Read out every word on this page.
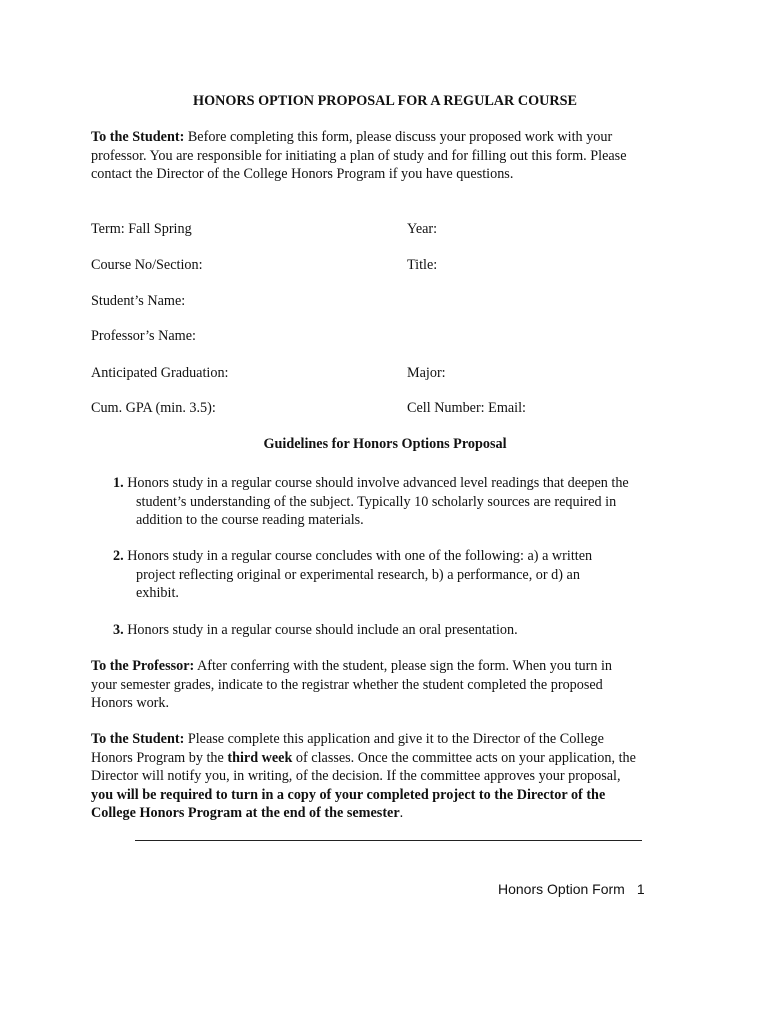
HONORS OPTION PROPOSAL FOR A REGULAR COURSE
To the Student: Before completing this form, please discuss your proposed work with your
professor. You are responsible for initiating a plan of study and for filling out this form. Please
contact the Director of the College Honors Program if you have questions.
Term: Fall Spring	Year:
Course No/Section:	Title:
Student’s Name:
Professor’s Name:
Anticipated Graduation:	Major:
Cum. GPA (min. 3.5):	Cell Number: Email:
Guidelines for Honors Options Proposal
1. Honors study in a regular course should involve advanced level readings that deepen the
student’s understanding of the subject. Typically 10 scholarly sources are required in
addition to the course reading materials.
2. Honors study in a regular course concludes with one of the following: a) a written
project reflecting original or experimental research, b) a performance, or d) an
exhibit.
3. Honors study in a regular course should include an oral presentation.
To the Professor: After conferring with the student, please sign the form. When you turn in
your semester grades, indicate to the registrar whether the student completed the proposed
Honors work.
To the Student: Please complete this application and give it to the Director of the College
Honors Program by the third week of classes. Once the committee acts on your application, the
Director will notify you, in writing, of the decision. If the committee approves your proposal,
you will be required to turn in a copy of your completed project to the Director of the
College Honors Program at the end of the semester.
Honors Option Form 1
